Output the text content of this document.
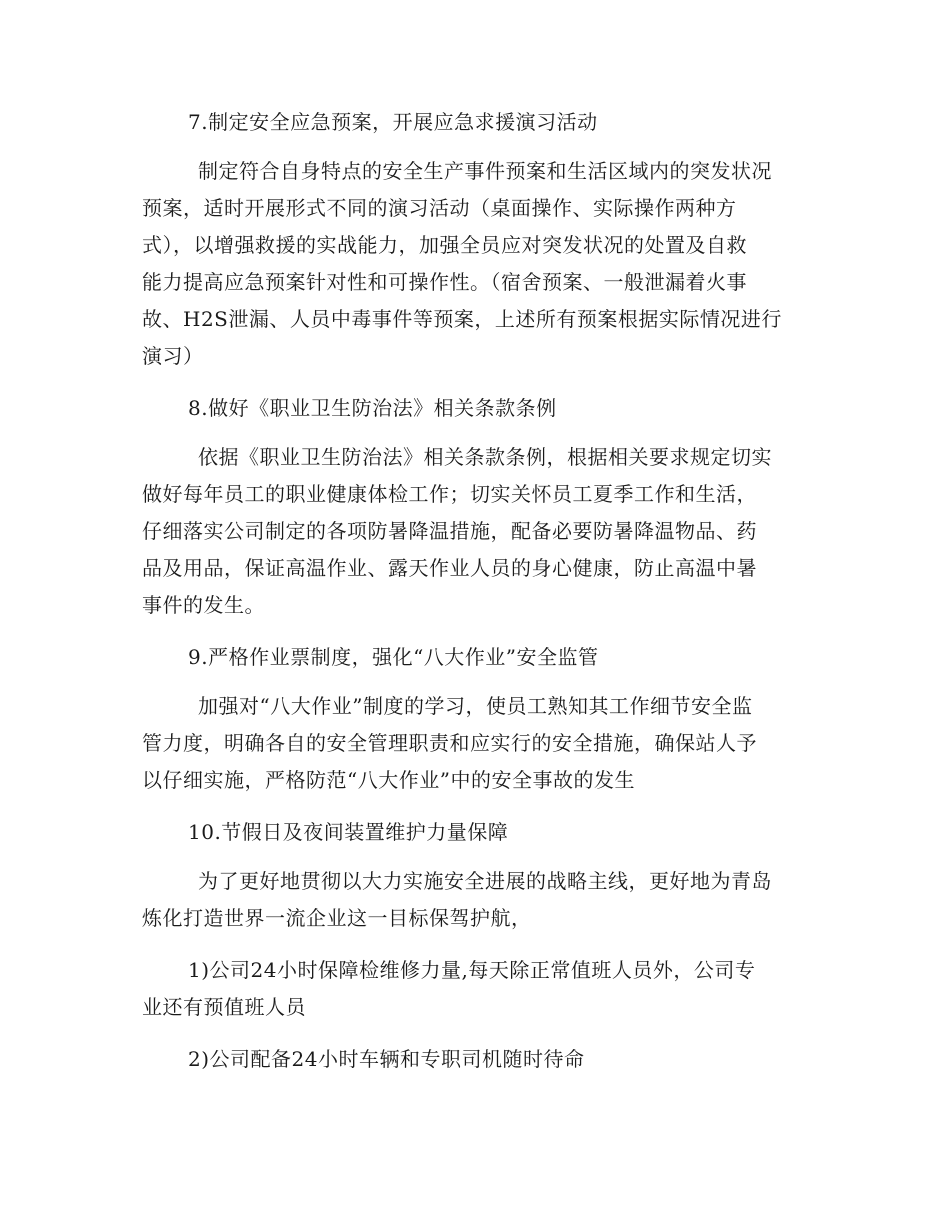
7.制定安全应急预案，开展应急求援演习活动
制定符合自身特点的安全生产事件预案和生活区域内的突发状况
预案，适时开展形式不同的演习活动（桌面操作、实际操作两种方
式），以增强救援的实战能力，加强全员应对突发状况的处置及自救
能力提高应急预案针对性和可操作性。（宿舍预案、一般泄漏着火事
故、H2S泄漏、人员中毒事件等预案，上述所有预案根据实际情况进行
演习）
8.做好《职业卫生防治法》相关条款条例
依据《职业卫生防治法》相关条款条例，根据相关要求规定切实
做好每年员工的职业健康体检工作；切实关怀员工夏季工作和生活，
仔细落实公司制定的各项防暑降温措施，配备必要防暑降温物品、药
品及用品，保证高温作业、露天作业人员的身心健康，防止高温中暑
事件的发生。
9.严格作业票制度，强化“八大作业”安全监管
加强对“八大作业”制度的学习，使员工熟知其工作细节安全监
管力度，明确各自的安全管理职责和应实行的安全措施，确保站人予
以仔细实施，严格防范“八大作业”中的安全事故的发生
10.节假日及夜间装置维护力量保障
为了更好地贯彻以大力实施安全进展的战略主线，更好地为青岛
炼化打造世界一流企业这一目标保驾护航，
1)公司24小时保障检维修力量,每天除正常值班人员外，公司专
业还有预值班人员
2)公司配备24小时车辆和专职司机随时待命
